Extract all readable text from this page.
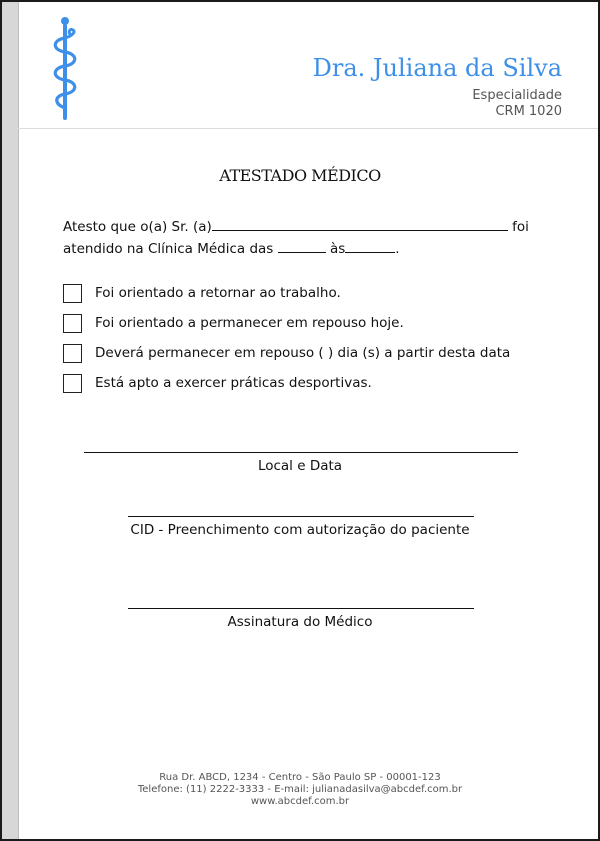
Dra. Juliana da Silva
Especialidade
CRM 1020
ATESTADO MÉDICO
Atesto que o(a) Sr. (a)	foi
atendido na Clínica Médica das	às	.
Foi orientado a retornar ao trabalho.
Foi orientado a permanecer em repouso hoje.
Deverá permanecer em repouso ( ) dia (s) a partir desta data
Está apto a exercer práticas desportivas.
Local e Data
CID - Preenchimento com autorização do paciente
Assinatura do Médico
Rua Dr. ABCD, 1234 - Centro - São Paulo SP - 00001-123
Telefone: (11) 2222-3333 - E-mail: julianadasilva@abcdef.com.br
www.abcdef.com.br
